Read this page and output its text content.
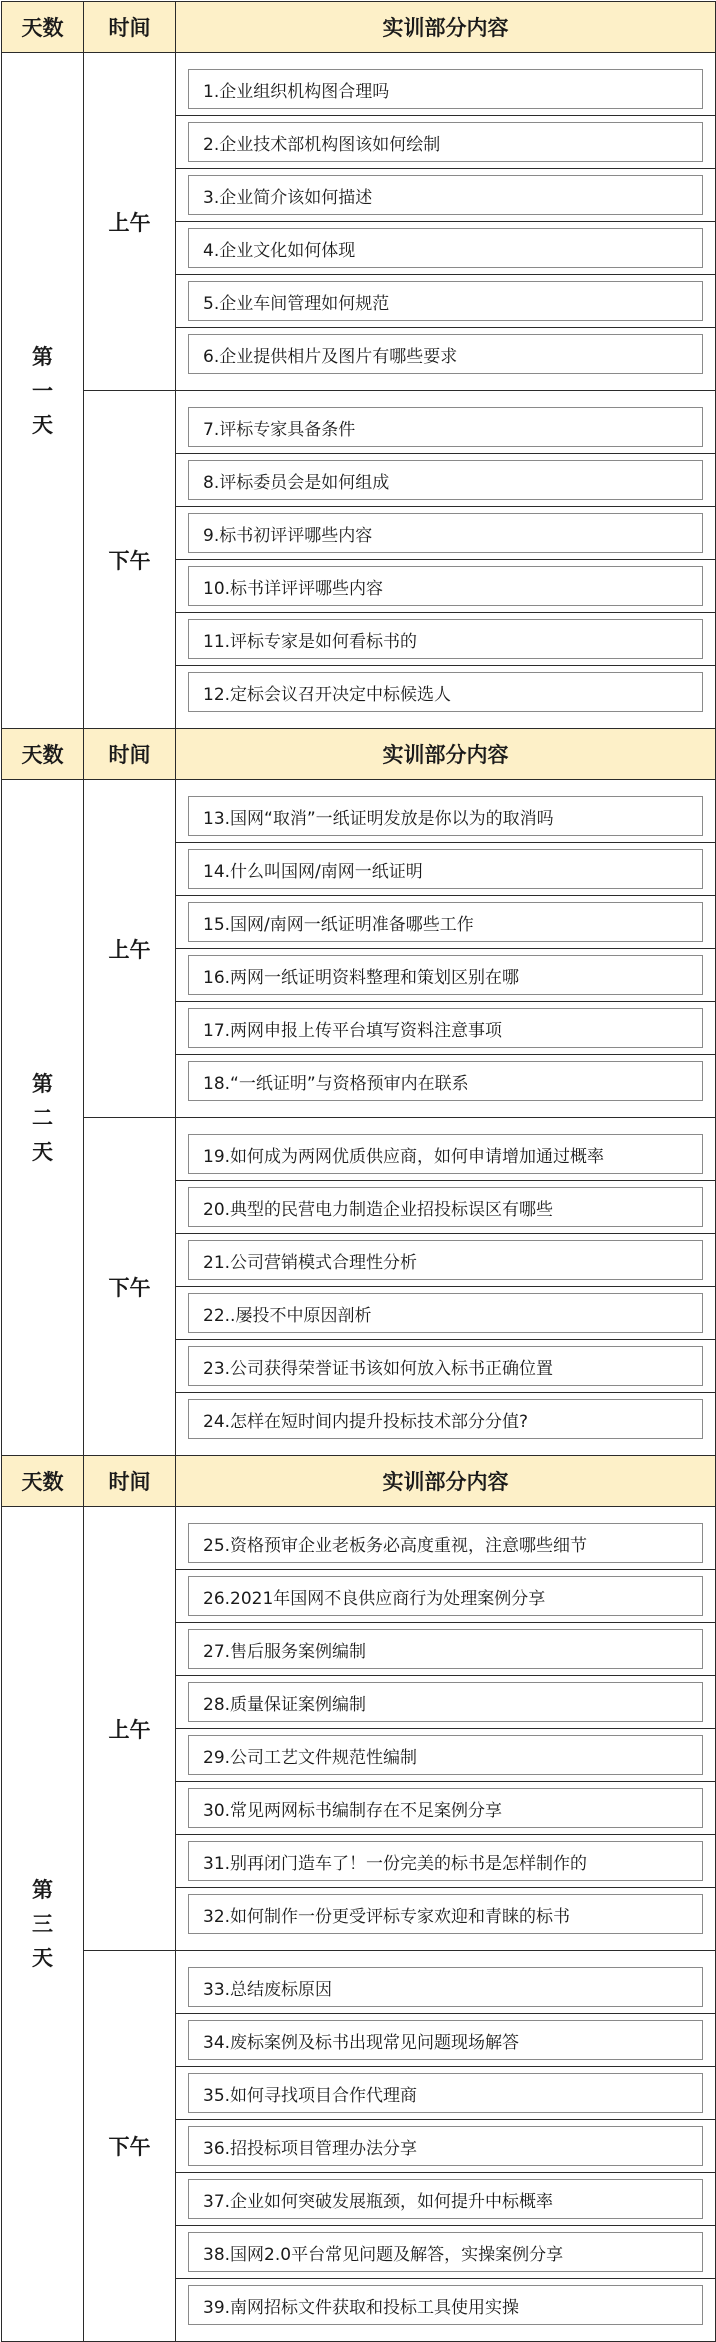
天数	时间	实训部分内容

第
一
天	上午	1.企业组织机构图合理吗

2.企业技术部机构图该如何绘制

3.企业简介该如何描述

4.企业文化如何体现

5.企业车间管理如何规范

6.企业提供相片及图片有哪些要求

	下午	7.评标专家具备条件

8.评标委员会是如何组成

9.标书初评评哪些内容

10.标书详评评哪些内容

11.评标专家是如何看标书的

12.定标会议召开决定中标候选人

天数	时间	实训部分内容

第
二
天	上午	13.国网“取消”一纸证明发放是你以为的取消吗

14.什么叫国网/南网一纸证明

15.国网/南网一纸证明准备哪些工作

16.两网一纸证明资料整理和策划区别在哪

17.两网申报上传平台填写资料注意事项

18.“一纸证明”与资格预审内在联系

	下午	19.如何成为两网优质供应商，如何申请增加通过概率

20.典型的民营电力制造企业招投标误区有哪些

21.公司营销模式合理性分析

22..屡投不中原因剖析

23.公司获得荣誉证书该如何放入标书正确位置

24.怎样在短时间内提升投标技术部分分值?

天数	时间	实训部分内容

第
三
天	上午	25.资格预审企业老板务必高度重视，注意哪些细节

26.2021年国网不良供应商行为处理案例分享

27.售后服务案例编制

28.质量保证案例编制

29.公司工艺文件规范性编制

30.常见两网标书编制存在不足案例分享

31.别再闭门造车了！一份完美的标书是怎样制作的

32.如何制作一份更受评标专家欢迎和青睐的标书

	下午	33.总结废标原因

34.废标案例及标书出现常见问题现场解答

35.如何寻找项目合作代理商

36.招投标项目管理办法分享

37.企业如何突破发展瓶颈，如何提升中标概率

38.国网2.0平台常见问题及解答，实操案例分享

39.南网招标文件获取和投标工具使用实操
